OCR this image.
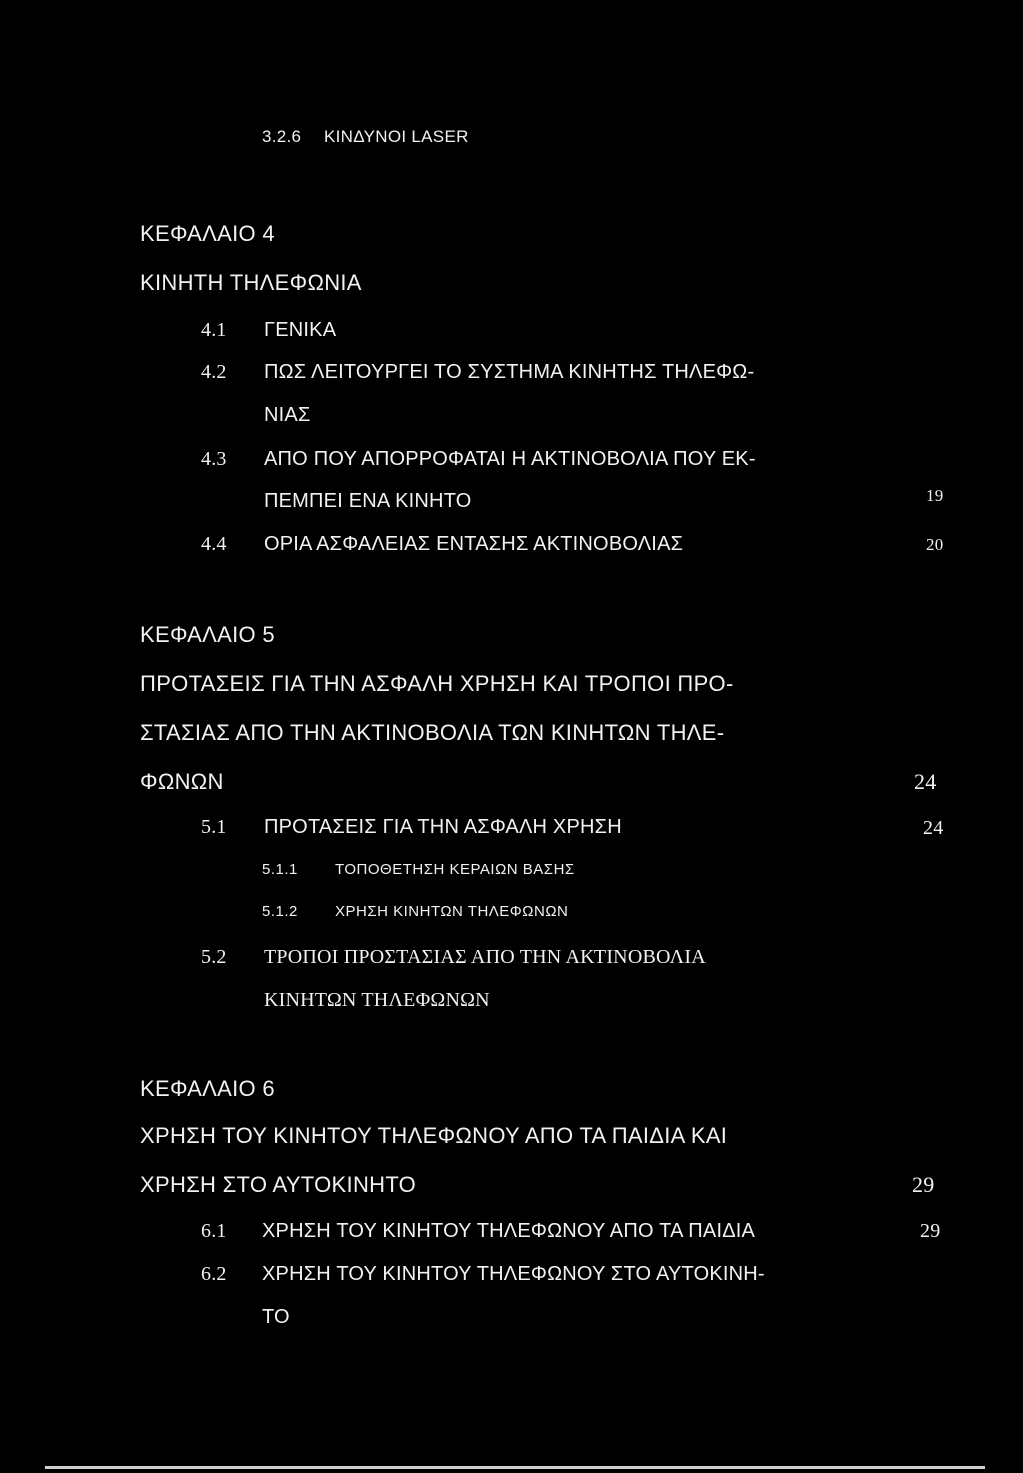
3.2.6 ΚΙΝΔΥΝΟΙ LASER
ΚΕΦΑΛΑΙΟ 4
ΚΙΝΗΤΗ ΤΗΛΕΦΩΝΙΑ
4.1 ΓΕΝΙΚΑ
4.2 ΠΩΣ ΛΕΙΤΟΥΡΓΕΙ ΤΟ ΣΥΣΤΗΜΑ ΚΙΝΗΤΗΣ ΤΗΛΕΦΩ-
ΝΙΑΣ
4.3 ΑΠΟ ΠΟΥ ΑΠΟΡΡΟΦΑΤΑΙ Η ΑΚΤΙΝΟΒΟΛΙΑ ΠΟΥ ΕΚ-
ΠΕΜΠΕΙ ΕΝΑ ΚΙΝΗΤΟ	19
4.4 ΟΡΙΑ ΑΣΦΑΛΕΙΑΣ ΕΝΤΑΣΗΣ ΑΚΤΙΝΟΒΟΛΙΑΣ	20
ΚΕΦΑΛΑΙΟ 5
ΠΡΟΤΑΣΕΙΣ ΓΙΑ ΤΗΝ ΑΣΦΑΛΗ ΧΡΗΣΗ ΚΑΙ ΤΡΟΠΟΙ ΠΡΟ-
ΣΤΑΣΙΑΣ ΑΠΟ ΤΗΝ ΑΚΤΙΝΟΒΟΛΙΑ ΤΩΝ ΚΙΝΗΤΩΝ ΤΗΛΕ-
ΦΩΝΩΝ	24
5.1 ΠΡΟΤΑΣΕΙΣ ΓΙΑ ΤΗΝ ΑΣΦΑΛΗ ΧΡΗΣΗ	24
5.1.1 ΤΟΠΟΘΕΤΗΣΗ ΚΕΡΑΙΩΝ ΒΑΣΗΣ
5.1.2 ΧΡΗΣΗ ΚΙΝΗΤΩΝ ΤΗΛΕΦΩΝΩΝ
5.2 ΤΡΟΠΟΙ ΠΡΟΣΤΑΣΙΑΣ ΑΠΟ ΤΗΝ ΑΚΤΙΝΟΒΟΛΙΑ
ΚΙΝΗΤΩΝ ΤΗΛΕΦΩΝΩΝ
ΚΕΦΑΛΑΙΟ 6
ΧΡΗΣΗ ΤΟΥ ΚΙΝΗΤΟΥ ΤΗΛΕΦΩΝΟΥ ΑΠΟ ΤΑ ΠΑΙΔΙΑ ΚΑΙ
ΧΡΗΣΗ ΣΤΟ ΑΥΤΟΚΙΝΗΤΟ	29
6.1 ΧΡΗΣΗ ΤΟΥ ΚΙΝΗΤΟΥ ΤΗΛΕΦΩΝΟΥ ΑΠΟ ΤΑ ΠΑΙΔΙΑ	29
6.2 ΧΡΗΣΗ ΤΟΥ ΚΙΝΗΤΟΥ ΤΗΛΕΦΩΝΟΥ ΣΤΟ ΑΥΤΟΚΙΝΗ-
ΤΟ
